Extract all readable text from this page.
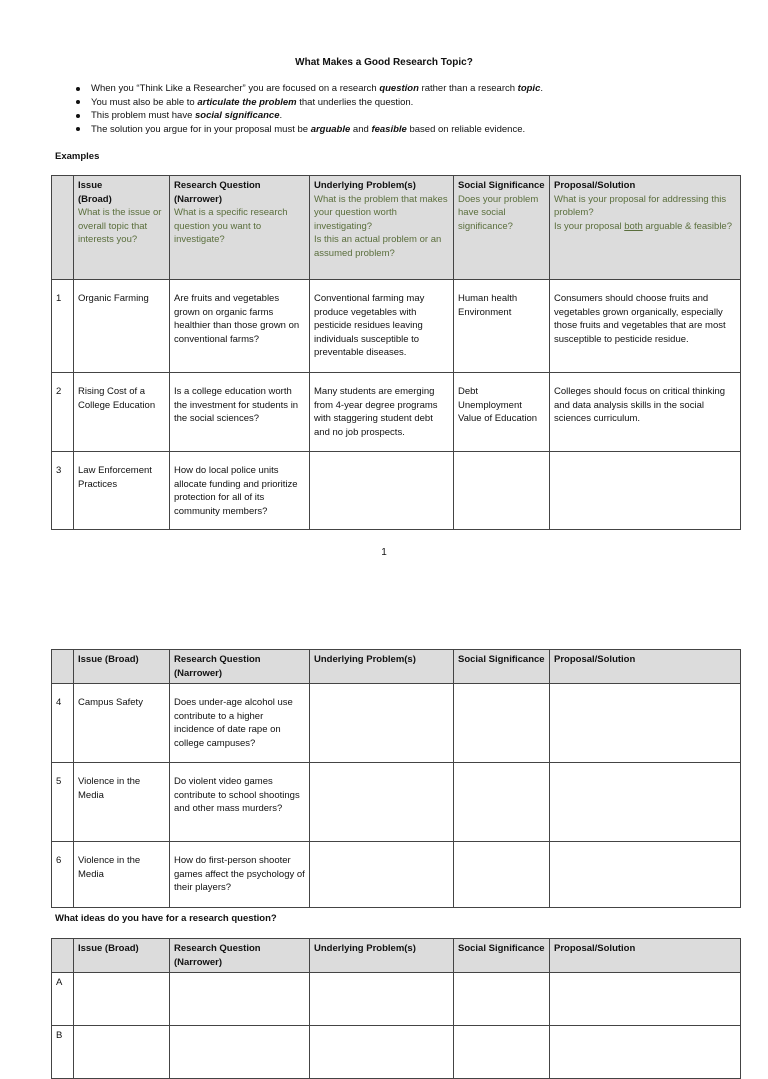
What Makes a Good Research Topic?
When you “Think Like a Researcher” you are focused on a research question rather than a research topic.
You must also be able to articulate the problem that underlies the question.
This problem must have social significance.
The solution you argue for in your proposal must be arguable and feasible based on reliable evidence.
Examples

	Issue
(Broad)
What is the issue or overall topic that interests you?	Research Question (Narrower)
What is a specific research question you want to investigate?	Underlying Problem(s)
What is the problem that makes your question worth investigating?
Is this an actual problem or an assumed problem?	Social Significance
Does your problem have social significance?	Proposal/Solution
What is your proposal for addressing this problem?
Is your proposal both arguable & feasible?

1	Organic Farming	Are fruits and vegetables grown on organic farms healthier than those grown on conventional farms?	Conventional farming may produce vegetables with pesticide residues leaving individuals susceptible to preventable diseases.	Human health
Environment	Consumers should choose fruits and vegetables grown organically, especially those fruits and vegetables that are most susceptible to pesticide residue.
2	Rising Cost of a College Education	Is a college education worth the investment for students in the social sciences?	Many students are emerging from 4-year degree programs with staggering student debt and no job prospects.	Debt
Unemployment
Value of Education	Colleges should focus on critical thinking and data analysis skills in the social sciences curriculum.
3	Law Enforcement Practices	How do local police units allocate funding and prioritize protection for all of its community members?			
1

	Issue (Broad)	Research Question (Narrower)	Underlying Problem(s)	Social Significance	Proposal/Solution

4	Campus Safety	Does under-age alcohol use contribute to a higher incidence of date rape on college campuses?			
5	Violence in the Media	Do violent video games contribute to school shootings and other mass murders?			
6	Violence in the Media	How do first-person shooter games affect the psychology of their players?			
What ideas do you have for a research question?

	Issue (Broad)	Research Question (Narrower)	Underlying Problem(s)	Social Significance	Proposal/Solution

A					
B					
